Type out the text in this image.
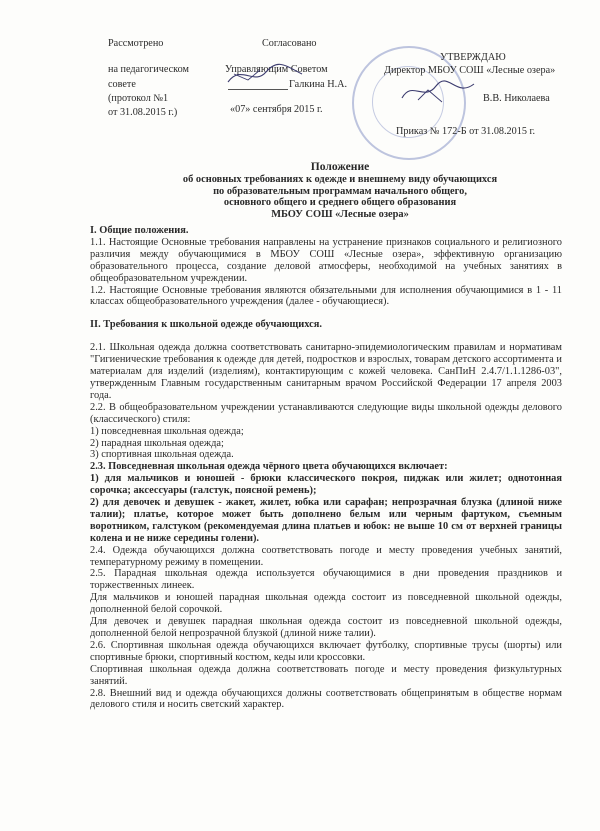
Рассмотрено
на педагогическом
совете
(протокол №1
от 31.08.2015 г.)
Согласовано
Управляющим Советом
Галкина Н.А.
«07» сентября 2015 г.
УТВЕРЖДАЮ
Директор МБОУ СОШ «Лесные озера»
В.В. Николаева
Приказ № 172-Б от 31.08.2015 г.
Положение
об основных требованиях к одежде и внешнему виду обучающихся
по образовательным программам начального общего,
основного общего и среднего общего образования
МБОУ СОШ «Лесные озера»

I. Общие положения.

1.1. Настоящие Основные требования направлены на устранение признаков социального и религиозного различия между обучающимися в МБОУ СОШ «Лесные озера», эффективную организацию образовательного процесса, создание деловой атмосферы, необходимой на учебных занятиях в общеобразовательном учреждении.

1.2. Настоящие Основные требования являются обязательными для исполнения обучающимися в 1 - 11 классах общеобразовательного учреждения (далее - обучающиеся).

II. Требования к школьной одежде обучающихся.

2.1. Школьная одежда должна соответствовать санитарно-эпидемиологическим правилам и нормативам "Гигиенические требования к одежде для детей, подростков и взрослых, товарам детского ассортимента и материалам для изделий (изделиям), контактирующим с кожей человека. СанПиН 2.4.7/1.1.1286-03", утвержденным Главным государственным санитарным врачом Российской Федерации 17 апреля 2003 года.

2.2. В общеобразовательном учреждении устанавливаются следующие виды школьной одежды делового (классического) стиля:

1) повседневная школьная одежда;

2) парадная школьная одежда;

3) спортивная школьная одежда.

2.3. Повседневная школьная одежда чёрного цвета обучающихся включает:

1) для мальчиков и юношей - брюки классического покроя, пиджак или жилет; однотонная сорочка; аксессуары (галстук, поясной ремень);

2) для девочек и девушек - жакет, жилет, юбка или сарафан; непрозрачная блузка (длиной ниже талии); платье, которое может быть дополнено белым или черным фартуком, съемным воротником, галстуком (рекомендуемая длина платьев и юбок: не выше 10 см от верхней границы колена и не ниже середины голени).

2.4. Одежда обучающихся должна соответствовать погоде и месту проведения учебных занятий, температурному режиму в помещении.

2.5. Парадная школьная одежда используется обучающимися в дни проведения праздников и торжественных линеек.

Для мальчиков и юношей парадная школьная одежда состоит из повседневной школьной одежды, дополненной белой сорочкой.

Для девочек и девушек парадная школьная одежда состоит из повседневной школьной одежды, дополненной белой непрозрачной блузкой (длиной ниже талии).

2.6. Спортивная школьная одежда обучающихся включает футболку, спортивные трусы (шорты) или спортивные брюки, спортивный костюм, кеды или кроссовки.

Спортивная школьная одежда должна соответствовать погоде и месту проведения физкультурных занятий.

2.8. Внешний вид и одежда обучающихся должны соответствовать общепринятым в обществе нормам делового стиля и носить светский характер.
